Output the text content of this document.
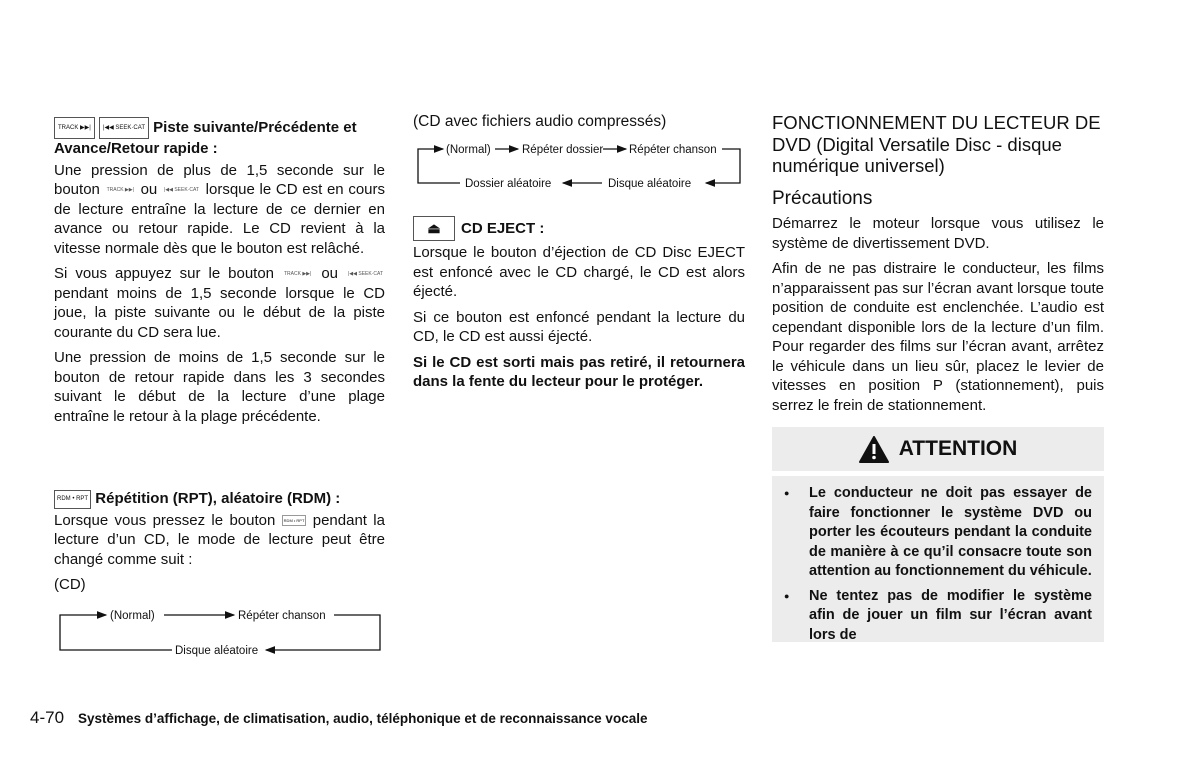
TRACK ▶▶| |◀◀ SEEK·CAT Piste suivante/Précédente et Avance/Retour rapide :

Une pression de plus de 1,5 seconde sur le bouton TRACK ▶▶| ou |◀◀ SEEK·CAT lorsque le CD est en cours de lecture entraîne la lecture de ce dernier en avance ou retour rapide. Le CD revient à la vitesse normale dès que le bouton est relâché.

Si vous appuyez sur le bouton TRACK ▶▶| ou |◀◀ SEEK·CAT pendant moins de 1,5 seconde lorsque le CD joue, la piste suivante ou le début de la piste courante du CD sera lue.

Une pression de moins de 1,5 seconde sur le bouton de retour rapide dans les 3 secondes suivant le début de la lecture d’une plage entraîne le retour à la plage précédente.

RDM • RPT Répétition (RPT), aléatoire (RDM) :

Lorsque vous pressez le bouton RDM • RPT pendant la lecture d’un CD, le mode de lecture peut être changé comme suit :

(CD)

(Normal)	Répéter chanson
Disque aléatoire
(Normal)	Répéter dossier Répéter chanson
Disque aléatoire
Dossier aléatoire

(CD avec fichiers audio compressés)

⏏	CD EJECT :

Lorsque le bouton d’éjection de CD Disc EJECT est enfoncé avec le CD chargé, le CD est alors éjecté.

Si ce bouton est enfoncé pendant la lecture du CD, le CD est aussi éjecté.

Si le CD est sorti mais pas retiré, il retournera dans la fente du lecteur pour le protéger.

FONCTIONNEMENT DU LECTEUR DE DVD (Digital Versatile Disc - disque numérique universel)
Précautions

Démarrez le moteur lorsque vous utilisez le système de divertissement DVD.

Afin de ne pas distraire le conducteur, les films n’apparaissent pas sur l’écran avant lorsque toute position de conduite est enclenchée. L’audio est cependant disponible lors de la lecture d’un film. Pour regarder des films sur l’écran avant, arrêtez le véhicule dans un lieu sûr, placez le levier de vitesses en position P (stationnement), puis serrez le frein de stationnement.

ATTENTION
● Le conducteur ne doit pas essayer de faire fonctionner le système DVD ou porter les écouteurs pendant la conduite de manière à ce qu’il consacre toute son attention au fonctionnement du véhicule.
● Ne tentez pas de modifier le système afin de jouer un film sur l’écran avant lors de
4-70 Systèmes d’affichage, de climatisation, audio, téléphonique et de reconnaissance vocale
